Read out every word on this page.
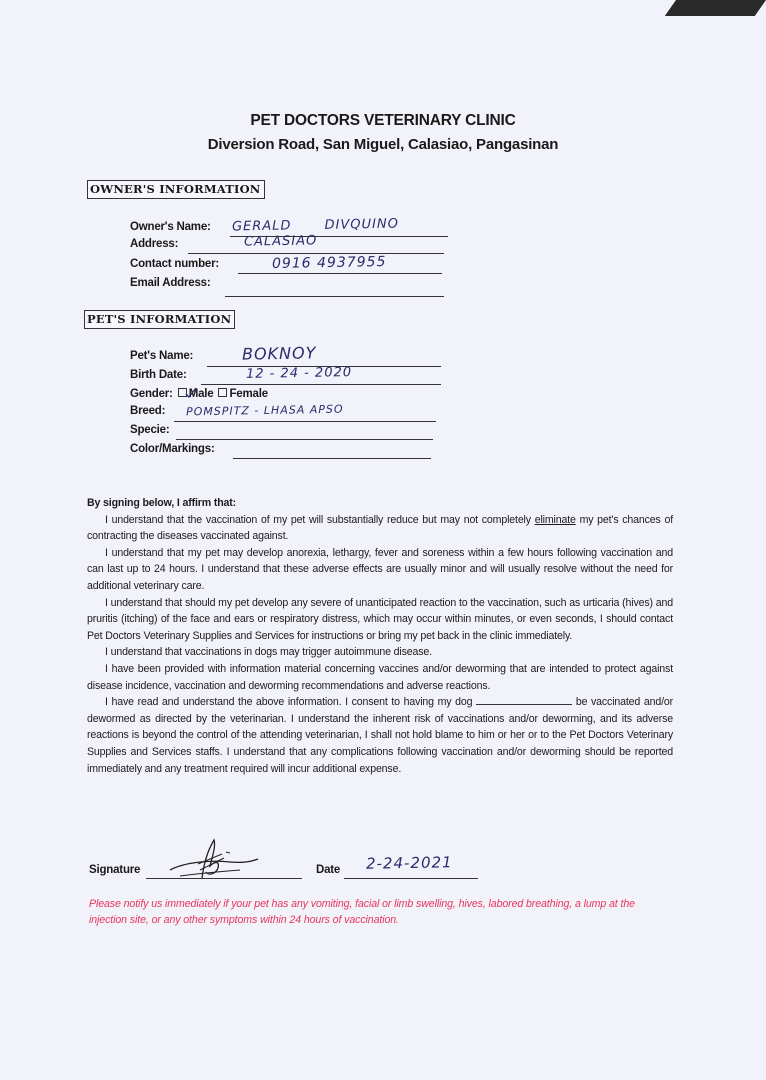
PET DOCTORS VETERINARY CLINIC
Diversion Road, San Miguel, Calasiao, Pangasinan
OWNER'S INFORMATION
Owner's Name: GERALD DIVQUINO
Address:	CALASIAO
Contact number:	0916 4937955
Email Address:
PET'S INFORMATION
Pet's Name:	BOKNOY
Birth Date:	12 - 24 - 2020
Gender: Male Female
Breed: POMSPITZ - LHASA APSO
Specie:
Color/Markings:

By signing below, I affirm that:

I understand that the vaccination of my pet will substantially reduce but may not completely eliminate my pet's chances of contracting the diseases vaccinated against.

I understand that my pet may develop anorexia, lethargy, fever and soreness within a few hours following vaccination and can last up to 24 hours. I understand that these adverse effects are usually minor and will usually resolve without the need for additional veterinary care.

I understand that should my pet develop any severe of unanticipated reaction to the vaccination, such as urticaria (hives) and pruritis (itching) of the face and ears or respiratory distress, which may occur within minutes, or even seconds, I should contact Pet Doctors Veterinary Supplies and Services for instructions or bring my pet back in the clinic immediately.

I understand that vaccinations in dogs may trigger autoimmune disease.

I have been provided with information material concerning vaccines and/or deworming that are intended to protect against disease incidence, vaccination and deworming recommendations and adverse reactions.

I have read and understand the above information. I consent to having my dog	be vaccinated and/or dewormed as directed by the veterinarian. I understand the inherent risk of vaccinations and/or deworming, and its adverse reactions is beyond the control of the attending veterinarian, I shall not hold blame to him or her or to the Pet Doctors Veterinary Supplies and Services staffs. I understand that any complications following vaccination and/or deworming should be reported immediately and any treatment required will incur additional expense.

Signature	Date 2-24-2021
Please notify us immediately if your pet has any vomiting, facial or limb swelling, hives, labored breathing, a lump at the injection site, or any other symptoms within 24 hours of vaccination.
